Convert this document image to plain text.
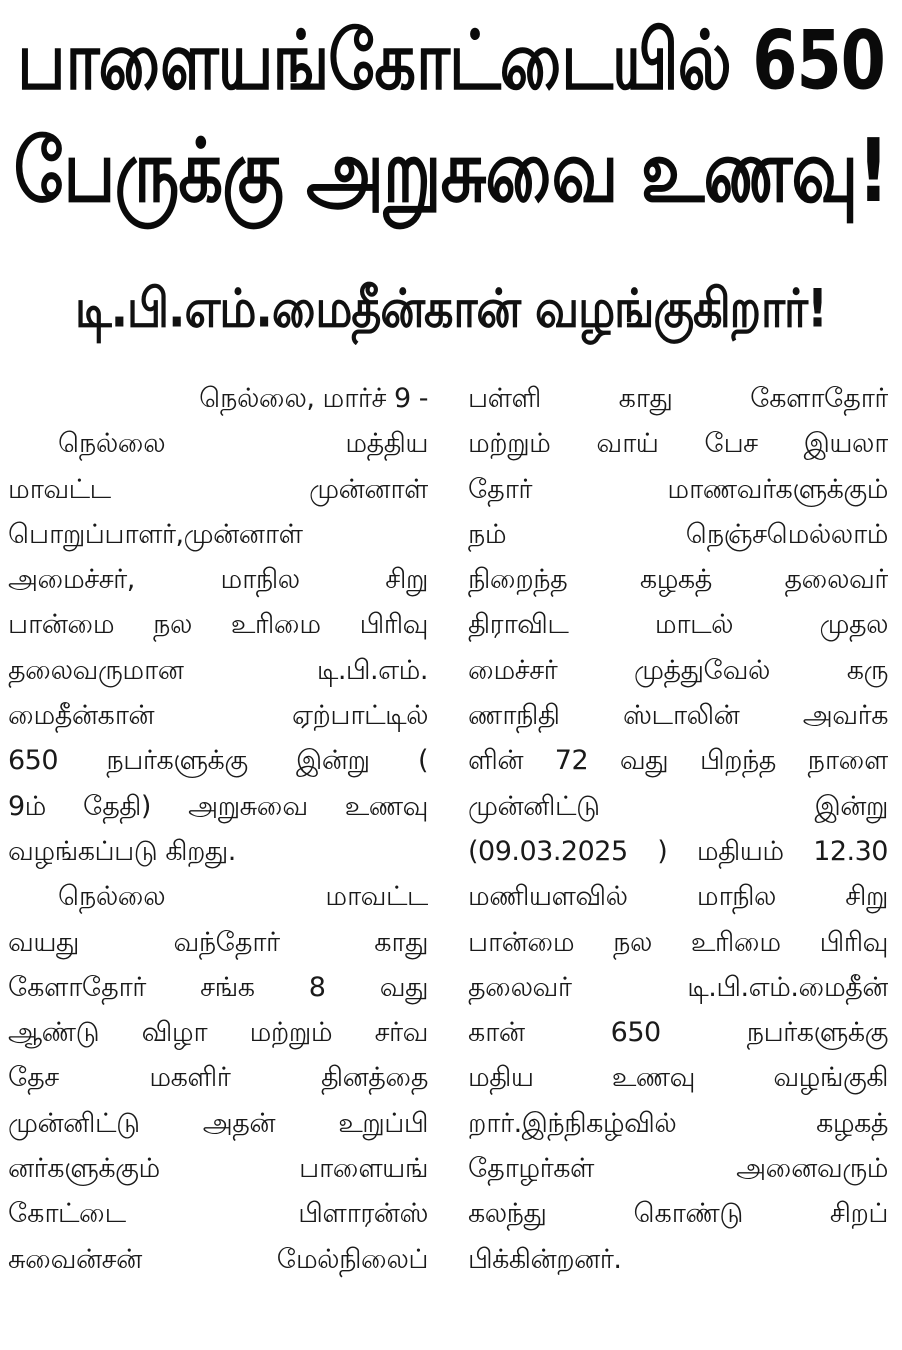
பாளையங்கோட்டையில் 650
பேருக்கு அறுசுவை உணவு!
டி.பி.எம்.மைதீன்கான் வழங்குகிறார்!
நெல்லை, மார்ச் 9 -
நெல்லை மத்திய
மாவட்ட முன்னாள்
பொறுப்பாளர்,முன்னாள்
அமைச்சர், மாநில சிறு
பான்மை நல உரிமை பிரிவு
தலைவருமான டி.பி.எம்.
மைதீன்கான் ஏற்பாட்டில்
650 நபர்களுக்கு இன்று (
9ம் தேதி) அறுசுவை உணவு
வழங்கப்படு கிறது.
நெல்லை மாவட்ட
வயது வந்தோர் காது
கேளாதோர் சங்க 8 வது
ஆண்டு விழா மற்றும் சர்வ
தேச மகளிர் தினத்தை
முன்னிட்டு அதன் உறுப்பி
னர்களுக்கும் பாளையங்
கோட்டை பிளாரன்ஸ்
சுவைன்சன் மேல்நிலைப்
பள்ளி காது கேளாதோர்
மற்றும் வாய் பேச இயலா
தோர் மாணவர்களுக்கும்
நம் நெஞ்சமெல்லாம்
நிறைந்த கழகத் தலைவர்
திராவிட மாடல் முதல
மைச்சர் முத்துவேல் கரு
ணாநிதி ஸ்டாலின் அவர்க
ளின் 72 வது பிறந்த நாளை
முன்னிட்டு இன்று
(09.03.2025 ) மதியம் 12.30
மணியளவில் மாநில சிறு
பான்மை நல உரிமை பிரிவு
தலைவர் டி.பி.எம்.மைதீன்
கான் 650 நபர்களுக்கு
மதிய உணவு வழங்குகி
றார்.இந்நிகழ்வில் கழகத்
தோழர்கள் அனைவரும்
கலந்து கொண்டு சிறப்
பிக்கின்றனர்.
